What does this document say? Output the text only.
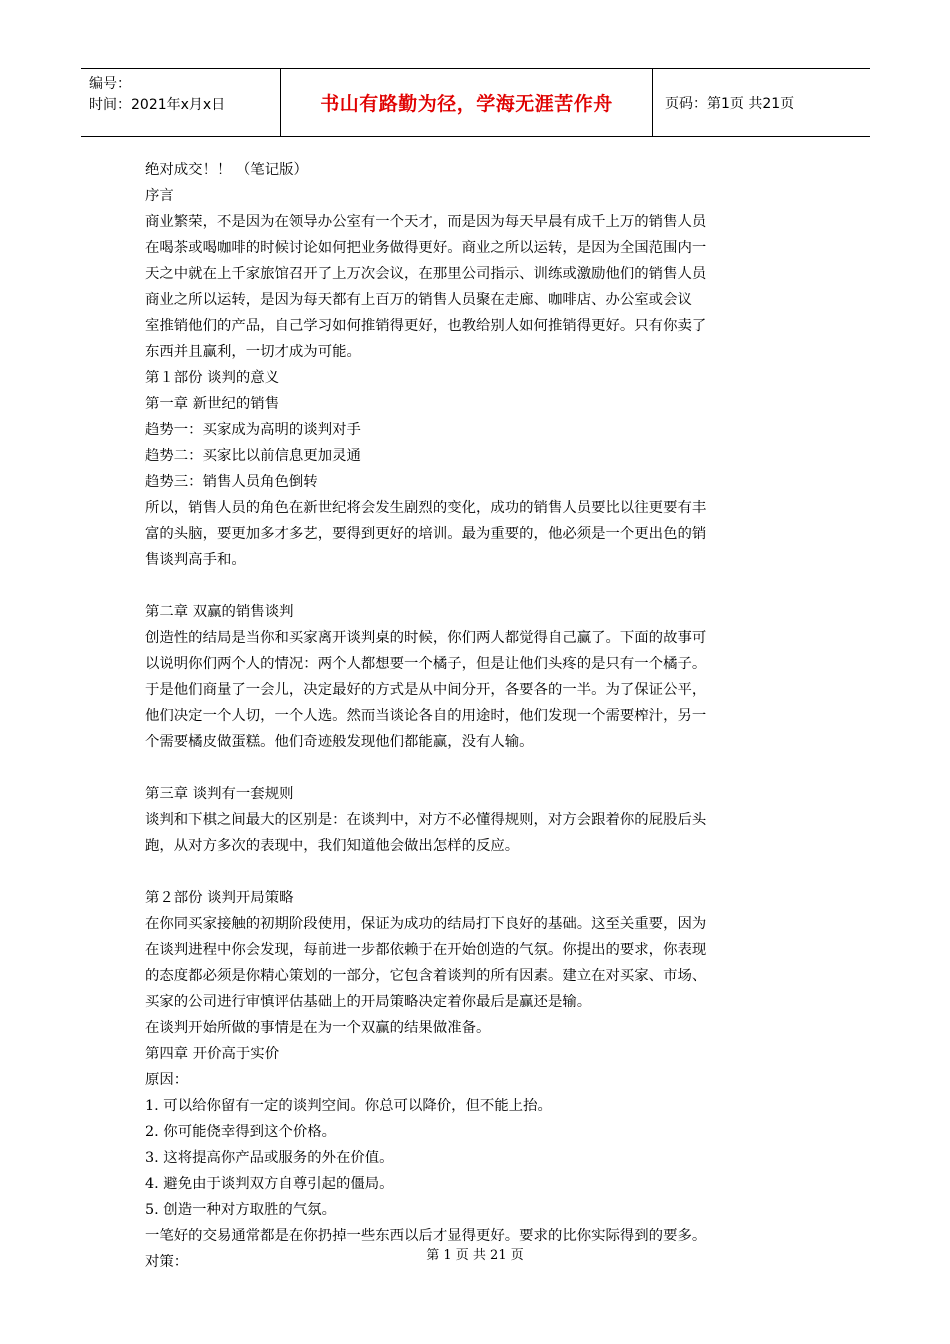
编号：
时间：2021年x月x日	书山有路勤为径，学海无涯苦作舟	页码：第1页 共21页

绝对成交！！ （笔记版）

序言

商业繁荣，不是因为在领导办公室有一个天才，而是因为每天早晨有成千上万的销售人员

在喝茶或喝咖啡的时候讨论如何把业务做得更好。商业之所以运转，是因为全国范围内一

天之中就在上千家旅馆召开了上万次会议，在那里公司指示、训练或激励他们的销售人员

商业之所以运转，是因为每天都有上百万的销售人员聚在走廊、咖啡店、办公室或会议

室推销他们的产品，自己学习如何推销得更好，也教给别人如何推销得更好。只有你卖了

东西并且赢利，一切才成为可能。

第１部份 谈判的意义

第一章 新世纪的销售

趋势一：买家成为高明的谈判对手

趋势二：买家比以前信息更加灵通

趋势三：销售人员角色倒转

所以，销售人员的角色在新世纪将会发生剧烈的变化，成功的销售人员要比以往更要有丰

富的头脑，要更加多才多艺，要得到更好的培训。最为重要的，他必须是一个更出色的销

售谈判高手和。

第二章 双赢的销售谈判

创造性的结局是当你和买家离开谈判桌的时候，你们两人都觉得自己赢了。下面的故事可

以说明你们两个人的情况：两个人都想要一个橘子，但是让他们头疼的是只有一个橘子。

于是他们商量了一会儿，决定最好的方式是从中间分开，各要各的一半。为了保证公平，

他们决定一个人切，一个人选。然而当谈论各自的用途时，他们发现一个需要榨汁，另一

个需要橘皮做蛋糕。他们奇迹般发现他们都能赢，没有人输。

第三章 谈判有一套规则

谈判和下棋之间最大的区别是：在谈判中，对方不必懂得规则，对方会跟着你的屁股后头

跑，从对方多次的表现中，我们知道他会做出怎样的反应。

第２部份 谈判开局策略

在你同买家接触的初期阶段使用，保证为成功的结局打下良好的基础。这至关重要，因为

在谈判进程中你会发现，每前进一步都依赖于在开始创造的气氛。你提出的要求，你表现

的态度都必须是你精心策划的一部分，它包含着谈判的所有因素。建立在对买家、市场、

买家的公司进行审慎评估基础上的开局策略决定着你最后是赢还是输。

在谈判开始所做的事情是在为一个双赢的结果做准备。

第四章 开价高于实价

原因：

1. 可以给你留有一定的谈判空间。你总可以降价，但不能上抬。

2. 你可能侥幸得到这个价格。

3. 这将提高你产品或服务的外在价值。

4. 避免由于谈判双方自尊引起的僵局。

5. 创造一种对方取胜的气氛。

一笔好的交易通常都是在你扔掉一些东西以后才显得更好。要求的比你实际得到的要多。

对策：	第 1 页 共 21 页
